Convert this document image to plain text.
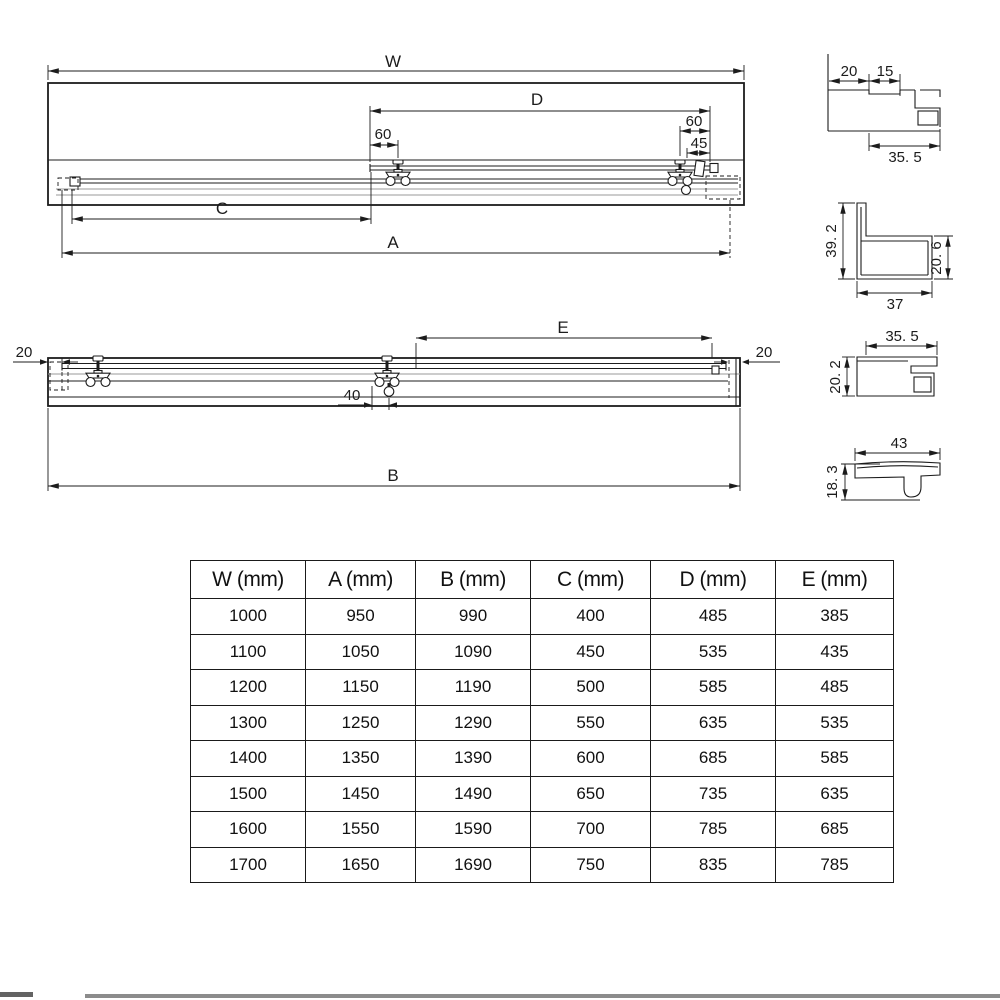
W
D
60
60
45
C
A
E
20	20
40
B
20 15
35. 5
39. 2
20. 6
37
35. 5
20. 2
43
18. 3
W (mm)	A (mm)	B (mm)	C (mm)	D (mm)	E (mm)
1000	950	990	400	485	385
1100	1050	1090	450	535	435
1200	1150	1190	500	585	485
1300	1250	1290	550	635	535
1400	1350	1390	600	685	585
1500	1450	1490	650	735	635
1600	1550	1590	700	785	685
1700	1650	1690	750	835	785
